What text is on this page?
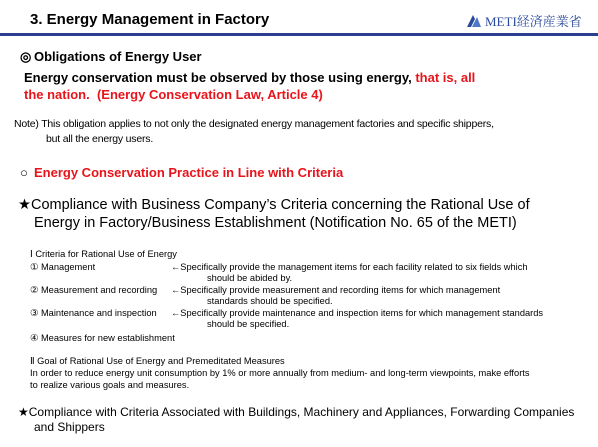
3. Energy Management in Factory	METI経済産業省
◎ Obligations of Energy User
Energy conservation must be observed by those using energy, that is, all
the nation. (Energy Conservation Law, Article 4)
Note) This obligation applies to not only the designated energy management factories and specific shippers,
but all the energy users.
○ Energy Conservation Practice in Line with Criteria
★Compliance with Business Company’s Criteria concerning the Rational Use of
Energy in Factory/Business Establishment (Notification No. 65 of the METI)
Ⅰ Criteria for Rational Use of Energy
① Management	←Specifically provide the management items for each facility related to six fields which
should be abided by.
② Measurement and recording ←Specifically provide measurement and recording items for which management
standards should be specified.
③ Maintenance and inspection ←Specifically provide maintenance and inspection items for which management standards
should be specified.
④ Measures for new establishment
Ⅱ Goal of Rational Use of Energy and Premeditated Measures
In order to reduce energy unit consumption by 1% or more annually from medium- and long-term viewpoints, make efforts
to realize various goals and measures.
★Compliance with Criteria Associated with Buildings, Machinery and Appliances, Forwarding Companies
and Shippers
